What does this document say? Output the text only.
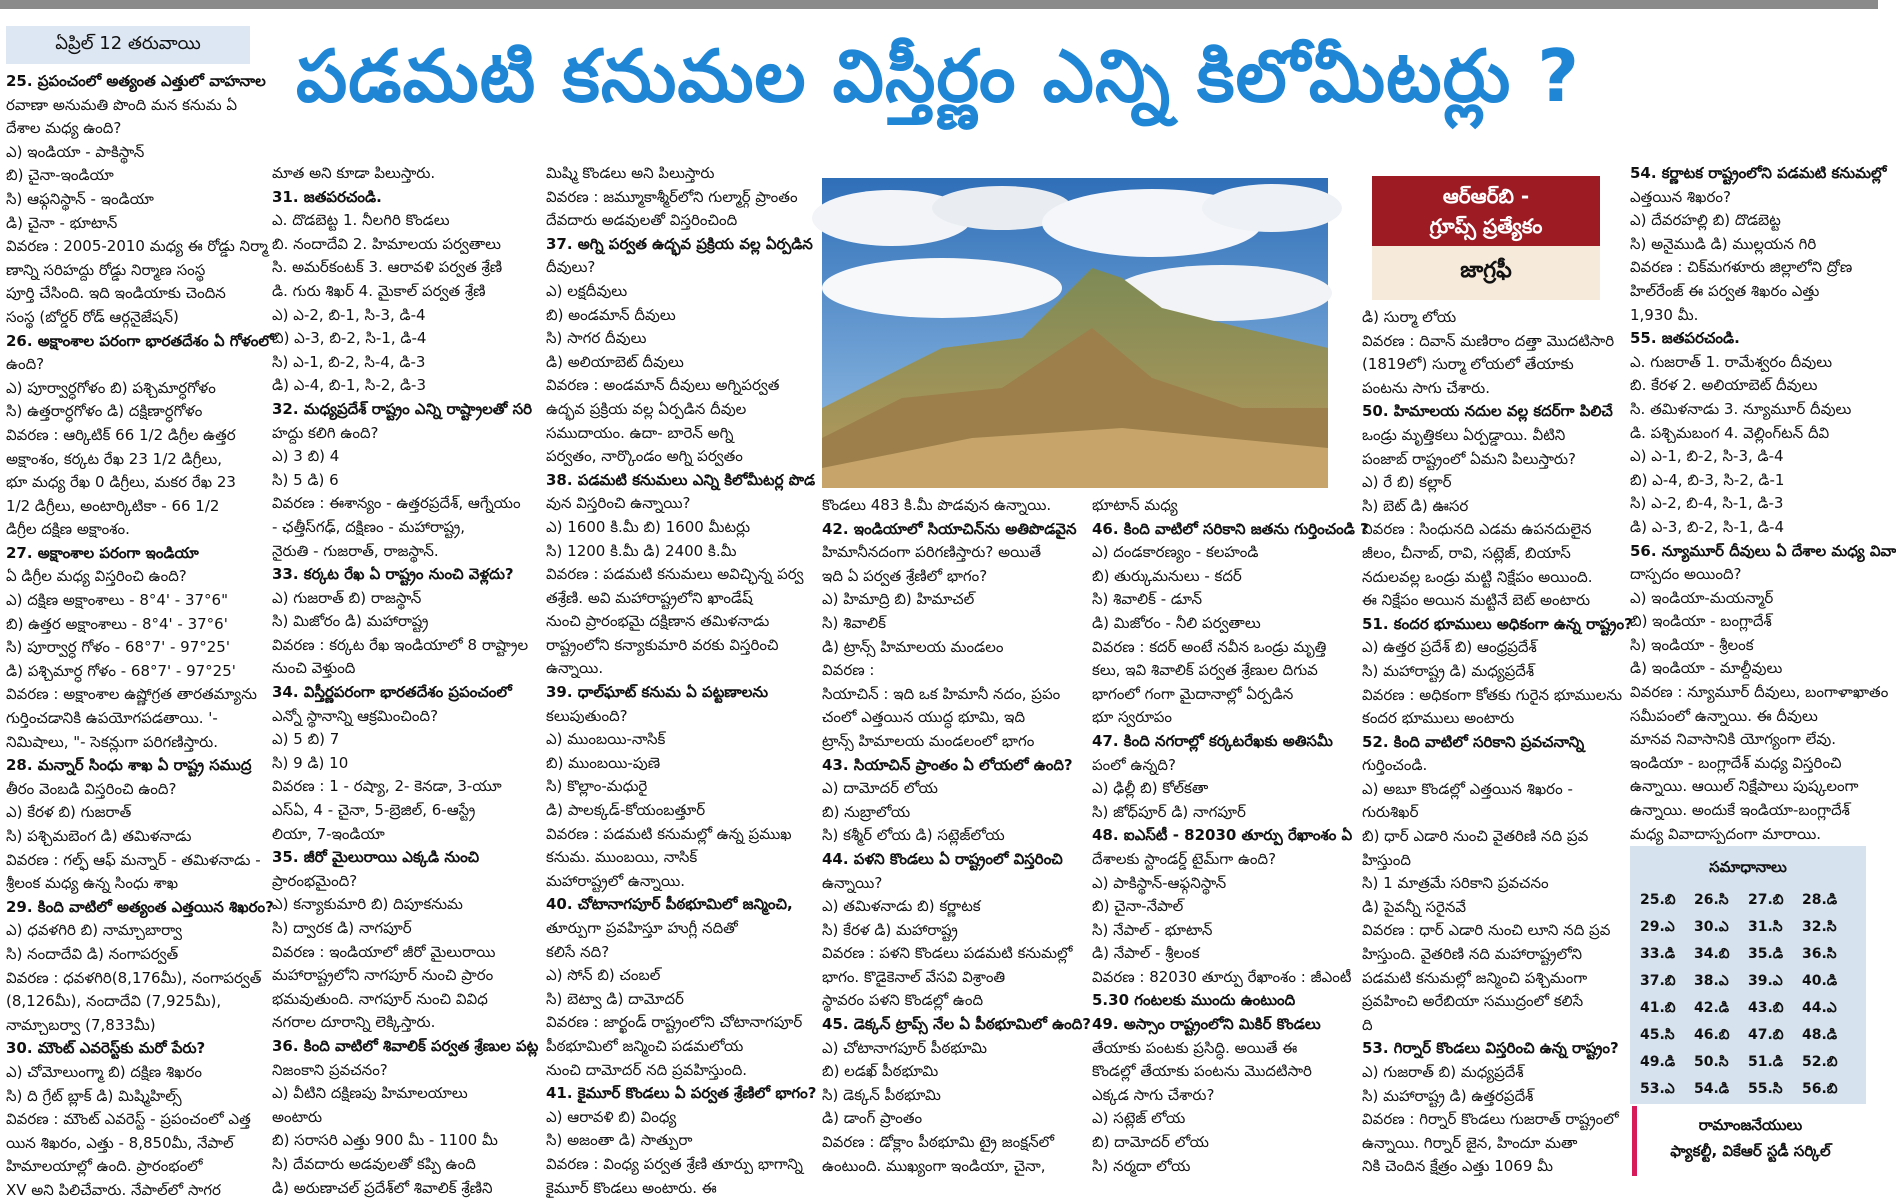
ఏప్రిల్ 12 తరువాయి	పడమటి కనుమల విస్తీర్ణం ఎన్ని కిలోమీటర్లు ?
25. ప్రపంచంలో అత్యంత ఎత్తులో వాహనాల
రవాణా అనుమతి పొంది మన కనుమ ఏ
దేశాల మధ్య ఉంది?
ఎ) ఇండియా - పాకిస్థాన్
బి) చైనా-ఇండియా
సి) ఆఫ్గనిస్థాన్ - ఇండియా
డి) చైనా - భూటాన్
వివరణ : 2005-2010 మధ్య ఈ రోడ్డు నిర్మా
ణాన్ని సరిహద్దు రోడ్డు నిర్మాణ సంస్థ
పూర్తి చేసింది. ఇది ఇండియాకు చెందిన
సంస్థ (బోర్డర్ రోడ్ ఆర్గనైజేషన్)
26. అక్షాంశాల పరంగా భారతదేశం ఏ గోళంలో
ఉంది?
ఎ) పూర్వార్ధగోళం బి) పశ్చిమార్ధగోళం
సి) ఉత్తరార్ధగోళం డి) దక్షిణార్ధగోళం
వివరణ : ఆర్కిటిక్ 66 1/2 డిగ్రీల ఉత్తర
అక్షాంశం, కర్కట రేఖ 23 1/2 డిగ్రీలు,
భూ మధ్య రేఖ 0 డిగ్రీలు, మకర రేఖ 23
1/2 డిగ్రీలు, అంటార్కిటికా - 66 1/2
డిగ్రీల దక్షిణ అక్షాంశం.
27. అక్షాంశాల పరంగా ఇండియా
ఏ డిగ్రీల మధ్య విస్తరించి ఉంది?
ఎ) దక్షిణ అక్షాంశాలు - 8°4' - 37°6"
బి) ఉత్తర అక్షాంశాలు - 8°4' - 37°6'
సి) పూర్వార్ధ గోళం - 68°7' - 97°25'
డి) పశ్చిమార్ధ గోళం - 68°7' - 97°25'
వివరణ : అక్షాంశాల ఉష్ణోగ్రత తారతమ్యాను
గుర్తించడానికి ఉపయోగపడతాయి. '-
నిమిషాలు, "- సెకన్లుగా పరిగణిస్తారు.
28. మన్నార్ సింధు శాఖ ఏ రాష్ట్ర సముద్ర
తీరం వెంబడి విస్తరించి ఉంది?
ఎ) కేరళ బి) గుజరాత్
సి) పశ్చిమబెంగ డి) తమిళనాడు
వివరణ : గల్ఫ్ ఆఫ్ మన్నార్ - తమిళనాడు -
శ్రీలంక మధ్య ఉన్న సింధు శాఖ
29. కింది వాటిలో అత్యంత ఎత్తయిన శిఖరం?
ఎ) ధవళగిరి బి) నామ్చాబార్వా
సి) నందాదేవి డి) నంగాపర్వత్
వివరణ : ధవళగిరి(8,176మీ), నంగాపర్వత్
(8,126మీ), నందాదేవి (7,925మీ),
నామ్చాబర్వా (7,833మీ)
30. మౌంట్ ఎవరెస్ట్‌కు మరో పేరు?
ఎ) చోమోలుంగ్మా బి) దక్షిణ శిఖరం
సి) ది గ్రేట్ బ్లాక్ డి) మిష్మిహిల్స్
వివరణ : మౌంట్ ఎవరెస్ట్ - ప్రపంచంలో ఎత్త
యిన శిఖరం, ఎత్తు - 8,850మీ, నేపాల్
హిమాలయాల్లో ఉంది. ప్రారంభంలో
XV అని పిలిచేవారు. నేపాల్‌లో సాగర
మాత అని కూడా పిలుస్తారు.
31. జతపరచండి.
ఎ. దొడబెట్ట 1. నీలగిరి కొండలు
బి. నందాదేవి 2. హిమాలయ పర్వతాలు
సి. అమర్‌కంటక్ 3. ఆరావళి పర్వత శ్రేణి
డి. గురు శిఖర్ 4. మైకాల్ పర్వత శ్రేణి
ఎ) ఎ-2, బి-1, సి-3, డి-4
బి) ఎ-3, బి-2, సి-1, డి-4
సి) ఎ-1, బి-2, సి-4, డి-3
డి) ఎ-4, బి-1, సి-2, డి-3
32. మధ్యప్రదేశ్ రాష్ట్రం ఎన్ని రాష్ట్రాలతో సరి
హద్దు కలిగి ఉంది?
ఎ) 3 బి) 4
సి) 5 డి) 6
వివరణ : ఈశాన్యం - ఉత్తరప్రదేశ్, ఆగ్నేయం
- ఛత్తీస్‌గఢ్, దక్షిణం - మహారాష్ట్ర,
నైరుతి - గుజరాత్, రాజస్థాన్.
33. కర్కట రేఖ ఏ రాష్ట్రం నుంచి వెళ్లదు?
ఎ) గుజరాత్ బి) రాజస్థాన్
సి) మిజోరం డి) మహారాష్ట్ర
వివరణ : కర్కట రేఖ ఇండియాలో 8 రాష్ట్రాల
నుంచి వెళ్తుంది
34. విస్తీర్ణపరంగా భారతదేశం ప్రపంచంలో
ఎన్నో స్థానాన్ని ఆక్రమించింది?
ఎ) 5 బి) 7
సి) 9 డి) 10
వివరణ : 1 - రష్యా, 2- కెనడా, 3-యూ
ఎస్ఏ, 4 - చైనా, 5-బ్రెజిల్, 6-ఆస్ట్రే
లియా, 7-ఇండియా
35. జీరో మైలురాయి ఎక్కడి నుంచి
ప్రారంభమైంది?
ఎ) కన్యాకుమారి బి) దిపూకనుమ
సి) ద్వారక డి) నాగపూర్
వివరణ : ఇండియాలో జీరో మైలురాయి
మహారాష్ట్రలోని నాగపూర్ నుంచి ప్రారం
భమవుతుంది. నాగపూర్ నుంచి వివిధ
నగరాల దూరాన్ని లెక్కిస్తారు.
36. కింది వాటిలో శివాలిక్ పర్వత శ్రేణుల పట్ల
నిజంకాని ప్రవచనం?
ఎ) వీటిని దక్షిణపు హిమాలయాలు
అంటారు
బి) సరాసరి ఎత్తు 900 మీ - 1100 మీ
సి) దేవదారు అడవులతో కప్పి ఉంది
డి) అరుణాచల్ ప్రదేశ్‌లో శివాలిక్ శ్రేణిని
మిష్మి కొండలు అని పిలుస్తారు
వివరణ : జమ్మూకాశ్మీర్‌లోని గుల్మార్గ్ ప్రాంతం
దేవదారు అడవులతో విస్తరించింది
37. అగ్ని పర్వత ఉద్భవ ప్రక్రియ వల్ల ఏర్పడిన
దీవులు?
ఎ) లక్షదీవులు
బి) అండమాన్ దీవులు
సి) సాగర దీవులు
డి) అలియాబెట్ దీవులు
వివరణ : అండమాన్ దీవులు అగ్నిపర్వత
ఉద్భవ ప్రక్రియ వల్ల ఏర్పడిన దీవుల
సముదాయం. ఉదా- బారెన్ అగ్ని
పర్వతం, నార్కొండం అగ్ని పర్వతం
38. పడమటి కనుమలు ఎన్ని కిలోమీటర్ల పొడ
వున విస్తరించి ఉన్నాయి?
ఎ) 1600 కి.మీ బి) 1600 మీటర్లు
సి) 1200 కి.మీ డి) 2400 కి.మీ
వివరణ : పడమటి కనుమలు అవిచ్ఛిన్న పర్వ
తశ్రేణి. అవి మహారాష్ట్రలోని ఖాండేష్
నుంచి ప్రారంభమై దక్షిణాన తమిళనాడు
రాష్ట్రంలోని కన్యాకుమారి వరకు విస్తరించి
ఉన్నాయి.
39. ధాల్‌ఘాట్ కనుమ ఏ పట్టణాలను
కలుపుతుంది?
ఎ) ముంబయి-నాసిక్
బి) ముంబయి-పుణె
సి) కొల్లాం-మధురై
డి) పాలక్కడ్-కోయంబత్తూర్
వివరణ : పడమటి కనుమల్లో ఉన్న ప్రముఖ
కనుమ. ముంబయి, నాసిక్
మహారాష్ట్రలో ఉన్నాయి.
40. చోటానాగపూర్ పీఠభూమిలో జన్మించి,
తూర్పుగా ప్రవహిస్తూ హుగ్లీ నదితో
కలిసే నది?
ఎ) సోన్ బి) చంబల్
సి) బెట్వా డి) దామోదర్
వివరణ : జార్ఖండ్ రాష్ట్రంలోని చోటానాగపూర్
పీఠభూమిలో జన్మించి పడమలోయ
నుంచి దామోదర్ నది ప్రవహిస్తుంది.
41. కైమూర్ కొండలు ఏ పర్వత శ్రేణిలో భాగం?
ఎ) ఆరావళి బి) వింధ్య
సి) అజంతా డి) సాత్పురా
వివరణ : వింధ్య పర్వత శ్రేణి తూర్పు భాగాన్ని
కైమూర్ కొండలు అంటారు. ఈ
కొండలు 483 కి.మీ పొడవున ఉన్నాయి.
42. ఇండియాలో సియాచిన్‌ను అతిపొడవైన
హిమానీనదంగా పరిగణిస్తారు? అయితే
ఇది ఏ పర్వత శ్రేణిలో భాగం?
ఎ) హిమాద్రి బి) హిమాచల్
సి) శివాలిక్
డి) ట్రాన్స్ హిమాలయ మండలం
వివరణ :
సియాచిన్ : ఇది ఒక హిమానీ నదం, ప్రపం
చంలో ఎత్తయిన యుద్ధ భూమి, ఇది
ట్రాన్స్ హిమాలయ మండలంలో భాగం
43. సియాచిన్ ప్రాంతం ఏ లోయలో ఉంది?
ఎ) దామోదర్ లోయ
బి) నుబ్రాలోయ
సి) కశ్మీర్ లోయ డి) సట్లెజ్‌లోయ
44. పళని కొండలు ఏ రాష్ట్రంలో విస్తరించి
ఉన్నాయి?
ఎ) తమిళనాడు బి) కర్ణాటక
సి) కేరళ డి) మహారాష్ట్ర
వివరణ : పళని కొండలు పడమటి కనుమల్లో
భాగం. కొడైకెనాల్ వేసవి విశ్రాంతి
స్థావరం పళని కొండల్లో ఉంది
45. డెక్కన్ ట్రాప్స్ నేల ఏ పీఠభూమిలో ఉంది?
ఎ) చోటానాగపూర్ పీఠభూమి
బి) లడఖ్ పీఠభూమి
సి) డెక్కన్ పీఠభూమి
డి) డాంగ్ ప్రాంతం
వివరణ : డోక్లాం పీఠభూమి ట్రై జంక్షన్‌లో
ఉంటుంది. ముఖ్యంగా ఇండియా, చైనా,
భూటాన్ మధ్య
46. కింది వాటిలో సరికాని జతను గుర్తించండి ?
ఎ) దండకారణ్యం - కలహండి
బి) తుర్కుమనులు - కదర్
సి) శివాలిక్ - డూన్
డి) మిజోరం - నీలి పర్వతాలు
వివరణ : కదర్ అంటే నవీన ఒండ్రు మృత్తి
కలు, ఇవి శివాలిక్ పర్వత శ్రేణుల దిగువ
భాగంలో గంగా మైదానాల్లో ఏర్పడిన
భూ స్వరూపం
47. కింది నగరాల్లో కర్కటరేఖకు అతిసమీ
పంలో ఉన్నది?
ఎ) ఢిల్లీ బి) కోల్‌కతా
సి) జోధ్‌పూర్ డి) నాగపూర్
48. ఐఎస్‌టీ - 82030 తూర్పు రేఖాంశం ఏ
దేశాలకు స్టాండర్డ్ టైమ్‌గా ఉంది?
ఎ) పాకిస్థాన్-ఆఫ్గనిస్థాన్
బి) చైనా-నేపాల్
సి) నేపాల్ - భూటాన్
డి) నేపాల్ - శ్రీలంక
వివరణ : 82030 తూర్పు రేఖాంశం : జీఎంటీ
5.30 గంటలకు ముందు ఉంటుంది
49. అస్సాం రాష్ట్రంలోని మికిర్ కొండలు
తేయాకు పంటకు ప్రసిద్ధి. అయితే ఈ
కొండల్లో తేయాకు పంటను మొదటిసారి
ఎక్కడ సాగు చేశారు?
ఎ) సట్లెజ్ లోయ
బి) దామోదర్ లోయ
సి) నర్మదా లోయ
డి) సుర్మా లోయ
వివరణ : దివాన్ మణిరాం దత్తా మొదటిసారి
(1819లో) సుర్మా లోయలో తేయాకు
పంటను సాగు చేశారు.
50. హిమాలయ నదుల వల్ల కదర్‌గా పిలిచే
ఒండ్రు మృత్తికలు ఏర్పడ్డాయి. వీటిని
పంజాబ్ రాష్ట్రంలో ఏమని పిలుస్తారు?
ఎ) రే బి) కల్లార్
సి) బెట్ డి) ఊసర
వివరణ : సింధునది ఎడమ ఉపనదులైన
జీలం, చీనాబ్, రావి, సట్లెజ్, బియాస్
నదులవల్ల ఒండ్రు మట్టి నిక్షేపం అయింది.
ఈ నిక్షేపం అయిన మట్టినే బెట్ అంటారు
51. కందర భూములు అధికంగా ఉన్న రాష్ట్రం?
ఎ) ఉత్తర ప్రదేశ్ బి) ఆంధ్రప్రదేశ్
సి) మహారాష్ట్ర డి) మధ్యప్రదేశ్
వివరణ : అధికంగా కోతకు గురైన భూములను
కందర భూములు అంటారు
52. కింది వాటిలో సరికాని ప్రవచనాన్ని
గుర్తించండి.
ఎ) అబూ కొండల్లో ఎత్తయిన శిఖరం -
గురుశిఖర్
బి) ధార్ ఎడారి నుంచి వైతరిణి నది ప్రవ
హిస్తుంది
సి) 1 మాత్రమే సరికాని ప్రవచనం
డి) పైవన్నీ సరైనవే
వివరణ : ధార్ ఎడారి నుంచి లూని నది ప్రవ
హిస్తుంది. వైతరిణి నది మహారాష్ట్రలోని
పడమటి కనుమల్లో జన్మించి పశ్చిమంగా
ప్రవహించి అరేబియా సముద్రంలో కలిసే
ది
53. గిర్నార్ కొండలు విస్తరించి ఉన్న రాష్ట్రం?
ఎ) గుజరాత్ బి) మధ్యప్రదేశ్
సి) మహారాష్ట్ర డి) ఉత్తరప్రదేశ్
వివరణ : గిర్నార్ కొండలు గుజరాత్ రాష్ట్రంలో
ఉన్నాయి. గిర్నార్ జైన, హిందూ మతా
నికి చెందిన క్షేత్రం ఎత్తు 1069 మీ
54. కర్ణాటక రాష్ట్రంలోని పడమటి కనుమల్లో
ఎత్తయిన శిఖరం?
ఎ) దేవరహల్లి బి) దొడబెట్ట
సి) అనైముడి డి) ముల్లయన గిరి
వివరణ : చిక్‌మగళూరు జిల్లాలోని ద్రోణ
హిల్‌రేంజ్ ఈ పర్వత శిఖరం ఎత్తు
1,930 మీ.
55. జతపరచండి.
ఎ. గుజరాత్ 1. రామేశ్వరం దీవులు
బి. కేరళ 2. అలియాబెట్ దీవులు
సి. తమిళనాడు 3. న్యూమూర్ దీవులు
డి. పశ్చిమబంగ 4. వెల్లింగ్‌టన్ దీవి
ఎ) ఎ-1, బి-2, సి-3, డి-4
బి) ఎ-4, బి-3, సి-2, డి-1
సి) ఎ-2, బి-4, సి-1, డి-3
డి) ఎ-3, బి-2, సి-1, డి-4
56. న్యూమూర్ దీవులు ఏ దేశాల మధ్య వివా
దాస్పదం అయింది?
ఎ) ఇండియా-మయన్మార్
బి) ఇండియా - బంగ్లాదేశ్
సి) ఇండియా - శ్రీలంక
డి) ఇండియా - మాల్దీవులు
వివరణ : న్యూమూర్ దీవులు, బంగాళాఖాతం
సమీపంలో ఉన్నాయి. ఈ దీవులు
మానవ నివాసానికి యోగ్యంగా లేవు.
ఇండియా - బంగ్లాదేశ్ మధ్య విస్తరించి
ఉన్నాయి. ఆయిల్ నిక్షేపాలు పుష్కలంగా
ఉన్నాయి. అందుకే ఇండియా-బంగ్లాదేశ్
మధ్య వివాదాస్పదంగా మారాయి.
ఆర్ఆర్‌బి -
గ్రూప్స్ ప్రత్యేకం
జాగ్రఫీ
సమాధానాలు
25.బి	26.సి	27.బి	28.డి
29.ఎ	30.ఎ	31.సి	32.సి
33.డి	34.బి	35.డి	36.సి
37.బి	38.ఎ	39.ఎ	40.డి
41.బి	42.డి	43.బి	44.ఎ
45.సి	46.బి	47.బి	48.డి
49.డి	50.సి	51.డి	52.బి
53.ఎ	54.డి	55.సి	56.బి
రామాంజనేయులు
ఫ్యాకల్టీ, వికేఆర్ స్టడీ సర్కిల్
